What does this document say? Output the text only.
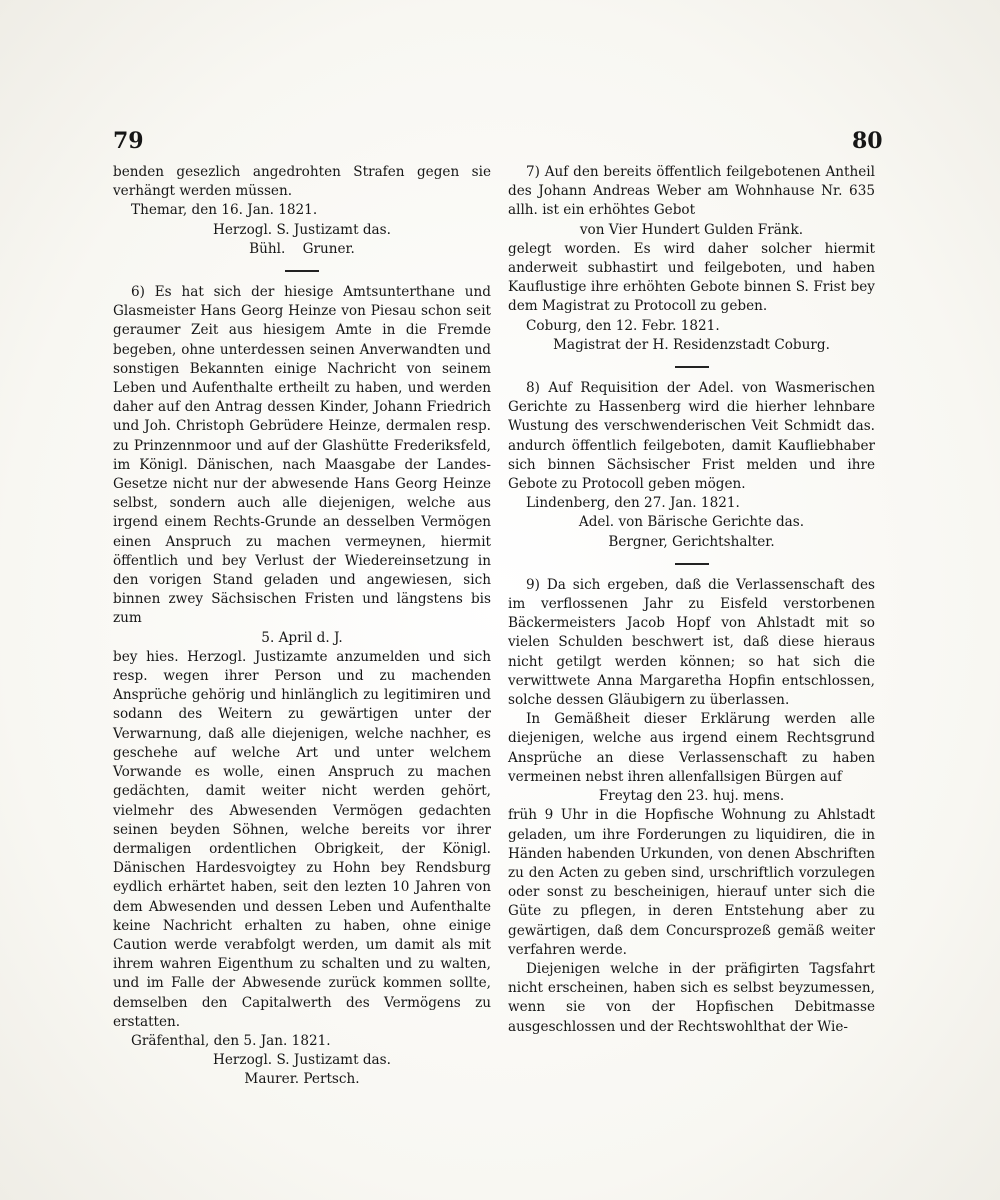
79	80

benden gesezlich angedrohten Strafen gegen sie verhängt werden müssen.

Themar, den 16. Jan. 1821.

Herzogl. S. Justizamt das.

Bühl.    Gruner.

6) Es hat sich der hiesige Amtsunterthane und Glasmeister Hans Georg Heinze von Piesau schon seit geraumer Zeit aus hiesigem Amte in die Fremde begeben, ohne unterdessen seinen Anverwandten und sonstigen Bekannten einige Nachricht von seinem Leben und Aufenthalte ertheilt zu haben, und werden daher auf den Antrag dessen Kinder, Johann Friedrich und Joh. Christoph Gebrüdere Heinze, dermalen resp. zu Prinzennmoor und auf der Glashütte Frederiksfeld, im Königl. Dänischen, nach Maasgabe der Landes-Gesetze nicht nur der abwesende Hans Georg Heinze selbst, sondern auch alle diejenigen, welche aus irgend einem Rechts-Grunde an desselben Vermögen einen Anspruch zu machen vermeynen, hiermit öffentlich und bey Verlust der Wiedereinsetzung in den vorigen Stand geladen und angewiesen, sich binnen zwey Sächsischen Fristen und längstens bis zum

5. April d. J.

bey hies. Herzogl. Justizamte anzumelden und sich resp. wegen ihrer Person und zu machenden Ansprüche gehörig und hinlänglich zu legitimiren und sodann des Weitern zu gewärtigen unter der Verwarnung, daß alle diejenigen, welche nachher, es geschehe auf welche Art und unter welchem Vorwande es wolle, einen Anspruch zu machen gedächten, damit weiter nicht werden gehört, vielmehr des Abwesenden Vermögen gedachten seinen beyden Söhnen, welche bereits vor ihrer dermaligen ordentlichen Obrigkeit, der Königl. Dänischen Hardesvoigtey zu Hohn bey Rendsburg eydlich erhärtet haben, seit den lezten 10 Jahren von dem Abwesenden und dessen Leben und Aufenthalte keine Nachricht erhalten zu haben, ohne einige Caution werde verabfolgt werden, um damit als mit ihrem wahren Eigenthum zu schalten und zu walten, und im Falle der Abwesende zurück kommen sollte, demselben den Capitalwerth des Vermögens zu erstatten.

Gräfenthal, den 5. Jan. 1821.

Herzogl. S. Justizamt das.

Maurer. Pertsch.

7) Auf den bereits öffentlich feilgebotenen Antheil des Johann Andreas Weber am Wohnhause Nr. 635 allh. ist ein erhöhtes Gebot

von Vier Hundert Gulden Fränk.

gelegt worden. Es wird daher solcher hiermit anderweit subhastirt und feilgeboten, und haben Kauflustige ihre erhöhten Gebote binnen S. Frist bey dem Magistrat zu Protocoll zu geben.

Coburg, den 12. Febr. 1821.

Magistrat der H. Residenzstadt Coburg.

8) Auf Requisition der Adel. von Wasmerischen Gerichte zu Hassenberg wird die hierher lehnbare Wustung des verschwenderischen Veit Schmidt das. andurch öffentlich feilgeboten, damit Kaufliebhaber sich binnen Sächsischer Frist melden und ihre Gebote zu Protocoll geben mögen.

Lindenberg, den 27. Jan. 1821.

Adel. von Bärische Gerichte das.

Bergner, Gerichtshalter.

9) Da sich ergeben, daß die Verlassenschaft des im verflossenen Jahr zu Eisfeld verstorbenen Bäckermeisters Jacob Hopf von Ahlstadt mit so vielen Schulden beschwert ist, daß diese hieraus nicht getilgt werden können; so hat sich die verwittwete Anna Margaretha Hopfin entschlossen, solche dessen Gläubigern zu überlassen.

In Gemäßheit dieser Erklärung werden alle diejenigen, welche aus irgend einem Rechtsgrund Ansprüche an diese Verlassenschaft zu haben vermeinen nebst ihren allenfallsigen Bürgen auf

Freytag den 23. huj. mens.

früh 9 Uhr in die Hopfische Wohnung zu Ahlstadt geladen, um ihre Forderungen zu liquidiren, die in Händen habenden Urkunden, von denen Abschriften zu den Acten zu geben sind, urschriftlich vorzulegen oder sonst zu bescheinigen, hierauf unter sich die Güte zu pflegen, in deren Entstehung aber zu gewärtigen, daß dem Concursprozeß gemäß weiter verfahren werde.

Diejenigen welche in der präfigirten Tagsfahrt nicht erscheinen, haben sich es selbst beyzumessen, wenn sie von der Hopfischen Debitmasse ausgeschlossen und der Rechtswohlthat der Wie-
